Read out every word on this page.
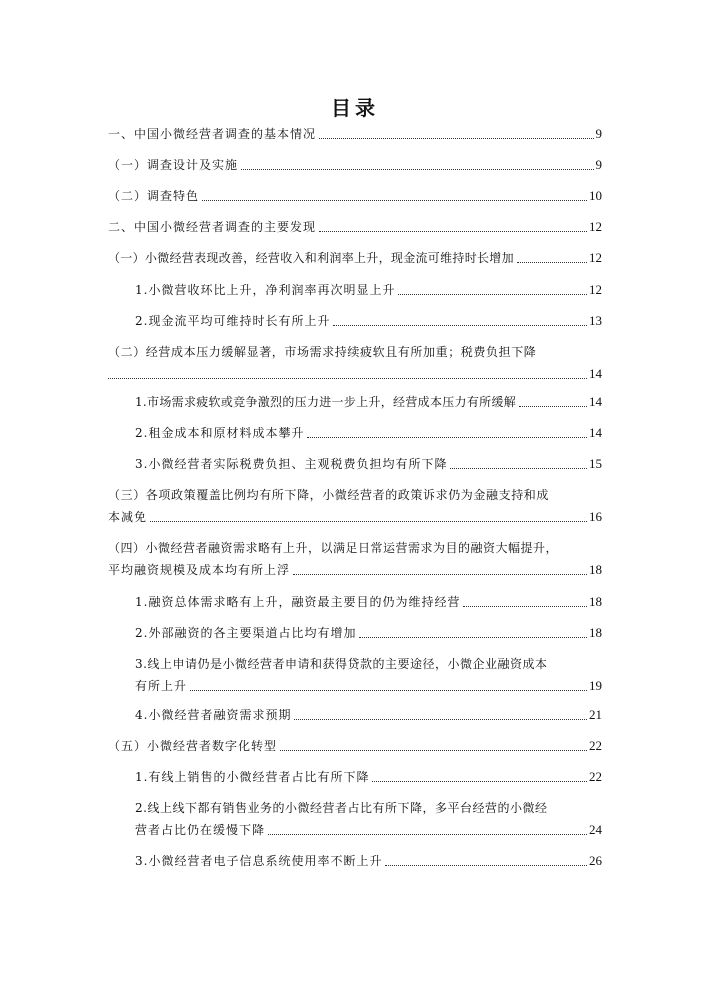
目录
一、中国小微经营者调查的基本情况	9
（一）调查设计及实施	9
（二）调查特色	10
二、中国小微经营者调查的主要发现	12
（一）小微经营表现改善，经营收入和利润率上升，现金流可维持时长增加	12
1.小微营收环比上升，净利润率再次明显上升	12
2.现金流平均可维持时长有所上升	13
（二）经营成本压力缓解显著，市场需求持续疲软且有所加重；税费负担下降
14
1.市场需求疲软或竞争激烈的压力进一步上升，经营成本压力有所缓解	14
2.租金成本和原材料成本攀升	14
3.小微经营者实际税费负担、主观税费负担均有所下降	15
（三）各项政策覆盖比例均有所下降，小微经营者的政策诉求仍为金融支持和成
本减免	16
（四）小微经营者融资需求略有上升，以满足日常运营需求为目的融资大幅提升，
平均融资规模及成本均有所上浮	18
1.融资总体需求略有上升，融资最主要目的仍为维持经营	18
2.外部融资的各主要渠道占比均有增加	18
3.线上申请仍是小微经营者申请和获得贷款的主要途径，小微企业融资成本
有所上升	19
4.小微经营者融资需求预期	21
（五）小微经营者数字化转型	22
1.有线上销售的小微经营者占比有所下降	22
2.线上线下都有销售业务的小微经营者占比有所下降，多平台经营的小微经
营者占比仍在缓慢下降	24
3.小微经营者电子信息系统使用率不断上升	26
